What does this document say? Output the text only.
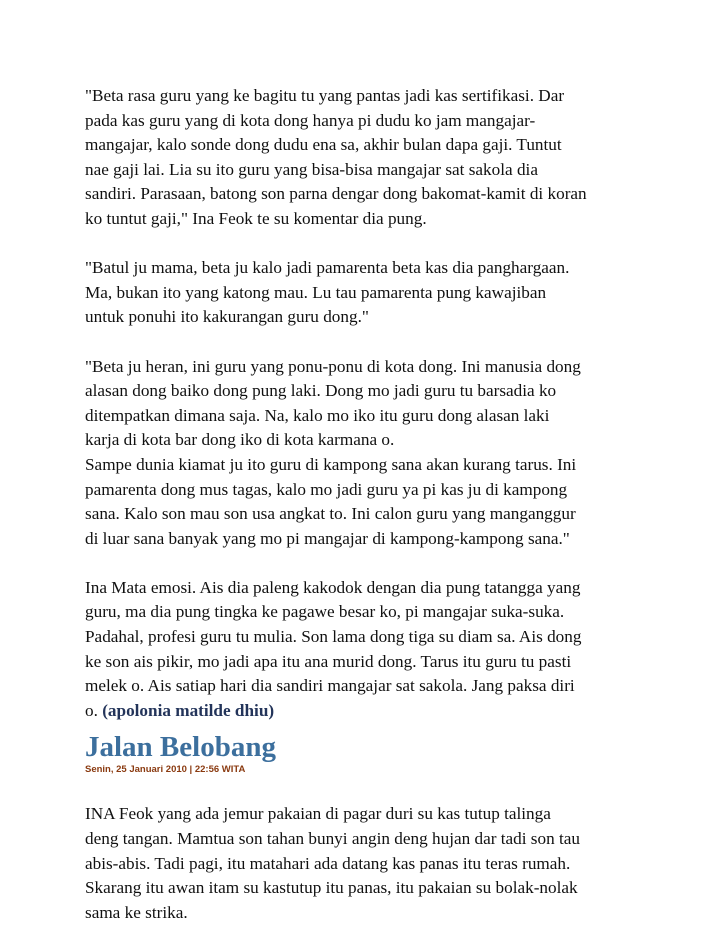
"Beta rasa guru yang ke bagitu tu yang pantas jadi kas sertifikasi. Dar
pada kas guru yang di kota dong hanya pi dudu ko jam mangajar-
mangajar, kalo sonde dong dudu ena sa, akhir bulan dapa gaji. Tuntut
nae gaji lai. Lia su ito guru yang bisa-bisa mangajar sat sakola dia
sandiri. Parasaan, batong son parna dengar dong bakomat-kamit di koran
ko tuntut gaji," Ina Feok te su komentar dia pung.

"Batul ju mama, beta ju kalo jadi pamarenta beta kas dia panghargaan.
Ma, bukan ito yang katong mau. Lu tau pamarenta pung kawajiban
untuk ponuhi ito kakurangan guru dong."

"Beta ju heran, ini guru yang ponu-ponu di kota dong. Ini manusia dong
alasan dong baiko dong pung laki. Dong mo jadi guru tu barsadia ko
ditempatkan dimana saja. Na, kalo mo iko itu guru dong alasan laki
karja di kota bar dong iko di kota karmana o.
Sampe dunia kiamat ju ito guru di kampong sana akan kurang tarus. Ini
pamarenta dong mus tagas, kalo mo jadi guru ya pi kas ju di kampong
sana. Kalo son mau son usa angkat to. Ini calon guru yang manganggur
di luar sana banyak yang mo pi mangajar di kampong-kampong sana."

Ina Mata emosi. Ais dia paleng kakodok dengan dia pung tatangga yang
guru, ma dia pung tingka ke pagawe besar ko, pi mangajar suka-suka.
Padahal, profesi guru tu mulia. Son lama dong tiga su diam sa. Ais dong
ke son ais pikir, mo jadi apa itu ana murid dong. Tarus itu guru tu pasti
melek o. Ais satiap hari dia sandiri mangajar sat sakola. Jang paksa diri
o. (apolonia matilde dhiu)

Jalan Belobang
Senin, 25 Januari 2010 | 22:56 WITA

INA Feok yang ada jemur pakaian di pagar duri su kas tutup talinga
deng tangan. Mamtua son tahan bunyi angin deng hujan dar tadi son tau
abis-abis. Tadi pagi, itu matahari ada datang kas panas itu teras rumah.
Skarang itu awan itam su kastutup itu panas, itu pakaian su bolak-nolak
sama ke strika.
